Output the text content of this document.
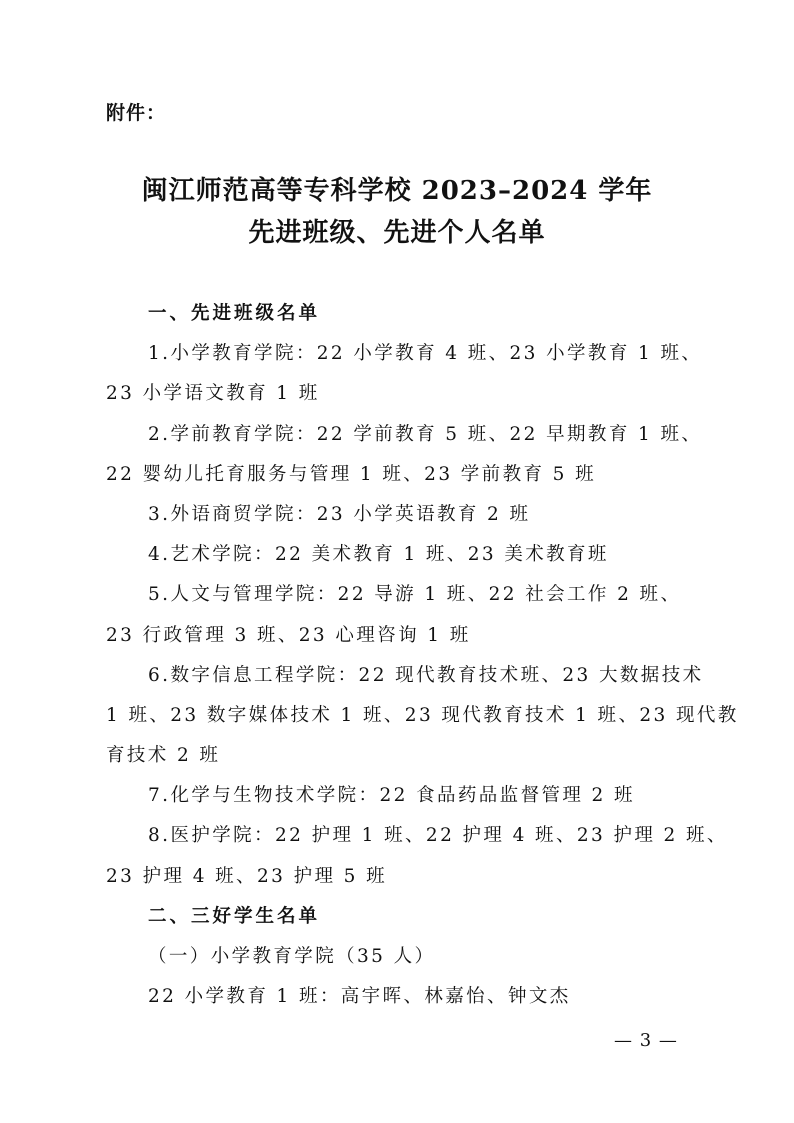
附件：
闽江师范高等专科学校 2023–2024 学年
先进班级、先进个人名单
一、先进班级名单
1.小学教育学院：22 小学教育 4 班、23 小学教育 1 班、
23 小学语文教育 1 班
2.学前教育学院：22 学前教育 5 班、22 早期教育 1 班、
22 婴幼儿托育服务与管理 1 班、23 学前教育 5 班
3.外语商贸学院：23 小学英语教育 2 班
4.艺术学院：22 美术教育 1 班、23 美术教育班
5.人文与管理学院：22 导游 1 班、22 社会工作 2 班、
23 行政管理 3 班、23 心理咨询 1 班
6.数字信息工程学院：22 现代教育技术班、23 大数据技术
1 班、23 数字媒体技术 1 班、23 现代教育技术 1 班、23 现代教
育技术 2 班
7.化学与生物技术学院：22 食品药品监督管理 2 班
8.医护学院：22 护理 1 班、22 护理 4 班、23 护理 2 班、
23 护理 4 班、23 护理 5 班
二、三好学生名单
（一）小学教育学院（35 人）
22 小学教育 1 班：高宇晖、林嘉怡、钟文杰
— 3 —
